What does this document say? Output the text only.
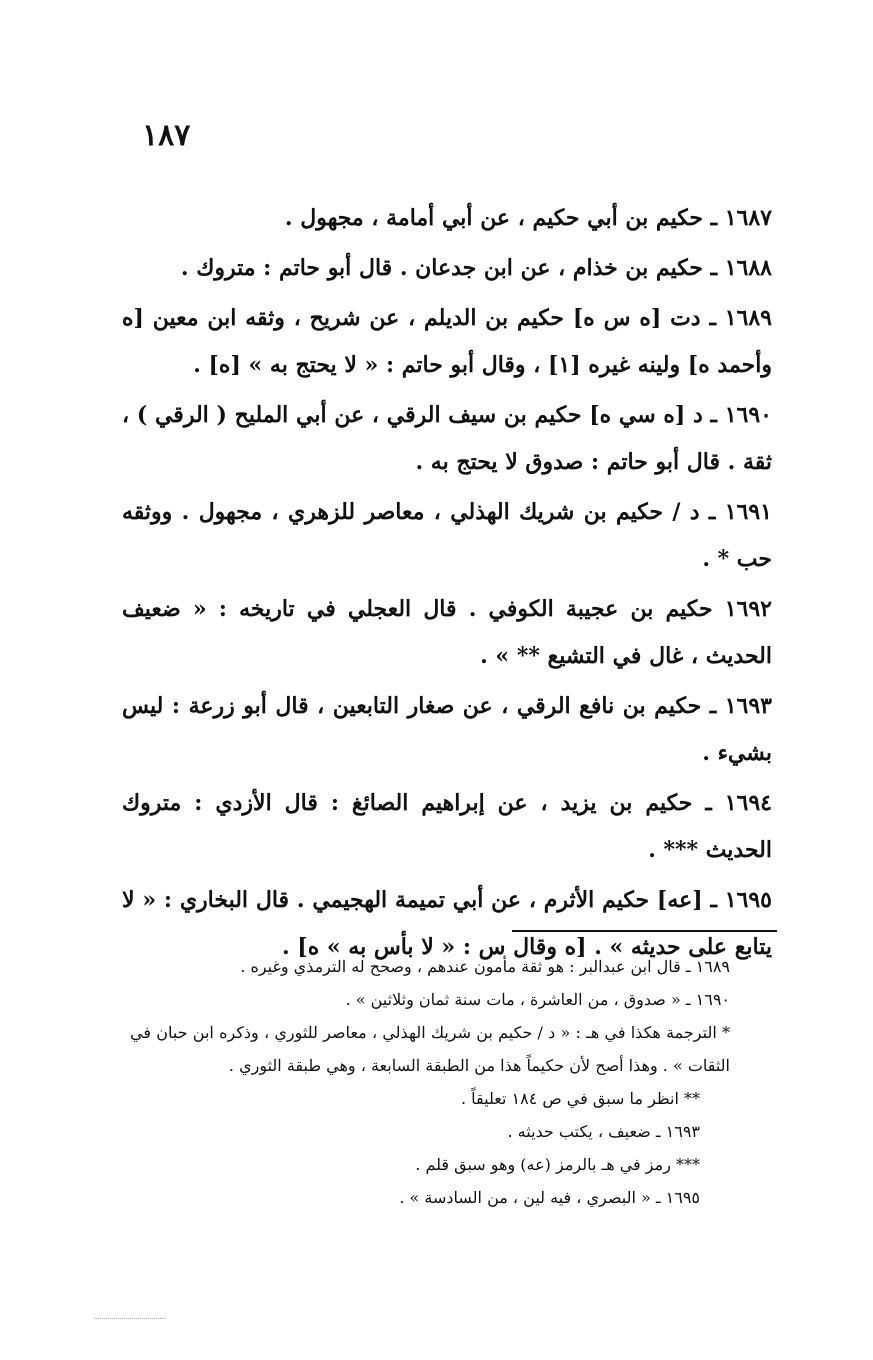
١٨٧

١٦٨٧ ـ حكيم بن أبي حكيم ، عن أبي أمامة ، مجهول .

١٦٨٨ ـ حكيم بن خذام ، عن ابن جدعان . قال أبو حاتم : متروك .

١٦٨٩ ـ دت [ه س ه] حكيم بن الديلم ، عن شريح ، وثقه ابن معين [ه وأحمد ه] ولينه غيره [١] ، وقال أبو حاتم : « لا يحتج به » [ه] .

١٦٩٠ ـ د [ه سي ه] حكيم بن سيف الرقي ، عن أبي المليح ( الرقي ) ، ثقة . قال أبو حاتم : صدوق لا يحتج به .

١٦٩١ ـ د / حكيم بن شريك الهذلي ، معاصر للزهري ، مجهول . ووثقه حب * .

١٦٩٢ حكيم بن عجيبة الكوفي . قال العجلي في تاريخه : « ضعيف الحديث ، غال في التشيع ** » .

١٦٩٣ ـ حكيم بن نافع الرقي ، عن صغار التابعين ، قال أبو زرعة : ليس بشيء .

١٦٩٤ ـ حكيم بن يزيد ، عن إبراهيم الصائغ : قال الأزدي : متروك الحديث *** .

١٦٩٥ ـ [عه] حكيم الأثرم ، عن أبي تميمة الهجيمي . قال البخاري : « لا يتابع على حديثه » . [ه وقال س : « لا بأس به » ه] .

١٦٨٩ ـ قال ابن عبدالبر : هو ثقة مأمون عندهم ، وصحح له الترمذي وغيره .

١٦٩٠ ـ « صدوق ، من العاشرة ، مات سنة ثمان وثلاثين » .

* الترجمة هكذا في هـ : « د / حكيم بن شريك الهذلي ، معاصر للثوري ، وذكره ابن حبان في الثقات » . وهذا أصح لأن حكيماً هذا من الطبقة السابعة ، وهي طبقة الثوري .

** انظر ما سبق في ص ١٨٤ تعليقاً .

١٦٩٣ ـ ضعيف ، يكتب حديثه .

*** رمز في هـ بالرمز (عه) وهو سبق قلم .

١٦٩٥ ـ « البصري ، فيه لين ، من السادسة » .
